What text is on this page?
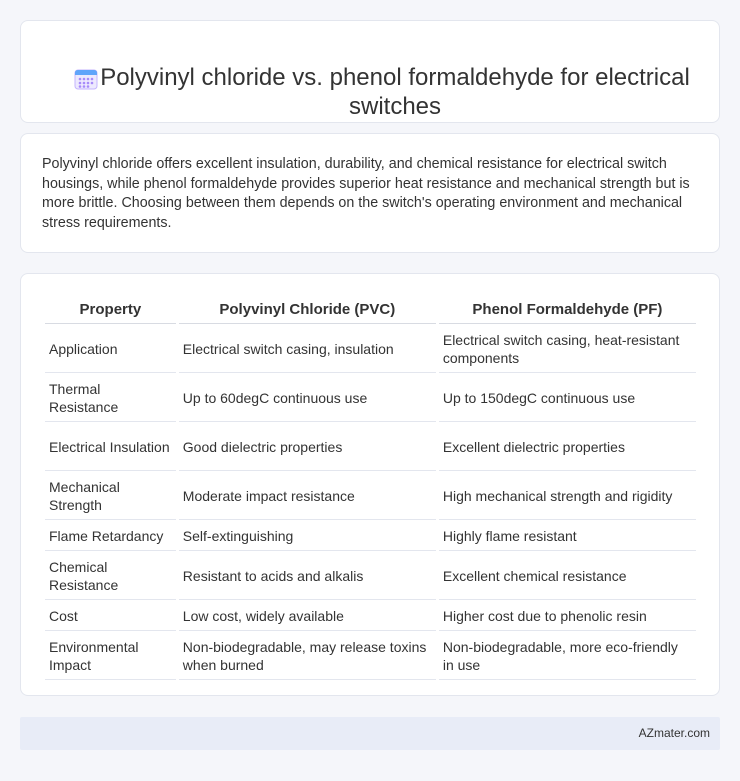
Polyvinyl chloride vs. phenol formaldehyde for electrical switches

Polyvinyl chloride offers excellent insulation, durability, and chemical resistance for electrical switch housings, while phenol formaldehyde provides superior heat resistance and mechanical strength but is more brittle. Choosing between them depends on the switch's operating environment and mechanical stress requirements.

Property	Polyvinyl Chloride (PVC)	Phenol Formaldehyde (PF)
Application	Electrical switch casing, insulation	Electrical switch casing, heat-resistant components
Thermal Resistance	Up to 60degC continuous use	Up to 150degC continuous use
Electrical Insulation	Good dielectric properties	Excellent dielectric properties
Mechanical Strength	Moderate impact resistance	High mechanical strength and rigidity
Flame Retardancy	Self-extinguishing	Highly flame resistant
Chemical Resistance	Resistant to acids and alkalis	Excellent chemical resistance
Cost	Low cost, widely available	Higher cost due to phenolic resin
Environmental Impact	Non-biodegradable, may release toxins when burned	Non-biodegradable, more eco-friendly in use
AZmater.com
